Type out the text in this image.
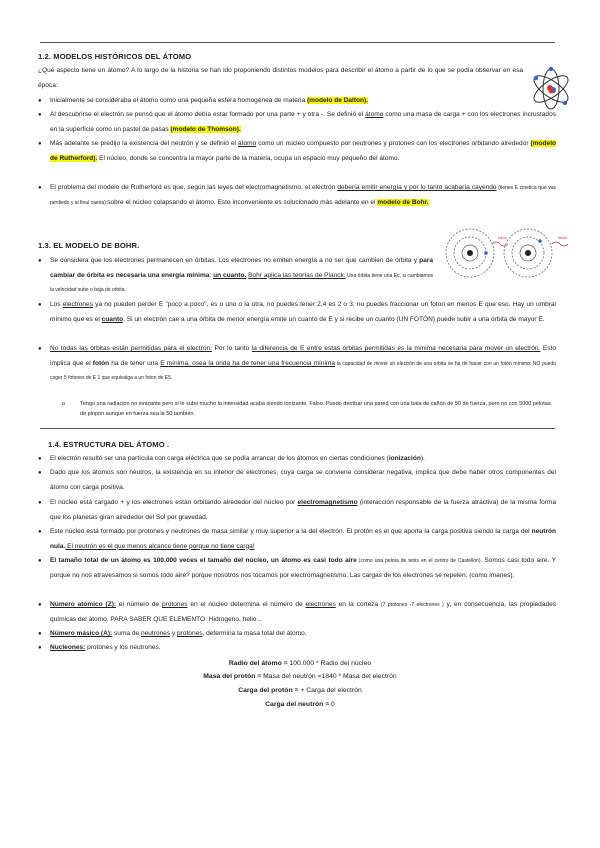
1.2. MODELOS HISTÓRICOS DEL ÁTOMO
¿Qué aspecto tiene un átomo? A lo largo de la historia se han ido proponiendo distintos modelos para describir el átomo a partir de lo que se podía observar en esa época:
● Inicialmente se consideraba el átomo como una pequeña esfera homogénea de materia (modelo de Dalton).
● Al descubrirse el electrón se pensó que el átomo debía estar formado por una parte + y otra -. Se definió el átomo como una masa de carga + con los electrones incrustados en la superficie como un pastel de pasas (modelo de Thomson).
● Más adelante se predijo la existencia del neutrón y se definió el átomo como un núcleo compuesto por neutrones y protones con los electrones orbitando alrededor (modelo de Rutherford). El núcleo, donde se concentra la mayor parte de la materia, ocupa un espacio muy pequeño del átomo.
● El problema del modelo de Rutherford es que, según las leyes del electromagnetismo, el electrón debería emitir energía y por lo tanto acabaría cayendo (tienes E cinetica que vas perdiedo y al final caeria) sobre el núcleo colapsando el átomo. Este inconveniente es solucionado más adelante en el modelo de Bohr.
1.3. EL MODELO DE BOHR.
● Se considera que los electrones permanecen en órbitas. Los electrones no emiten energía a no ser que cambien de órbita y para cambiar de órbita es necesaria una energía mínima: un cuanto. Bohr aplica las teorías de Planck. Una órbita tiene una Ec, si cambiamos la velocidad sube o baja de orbita.
● Los electrones ya no pueden perder E "poco a poco", es o uno o la otra, no puedes tener 2,4 es 2 o 3; no puedes fraccionar un foton en menos E que eso. Hay un umbral mínimo que es el cuanto. Si un electrón cae a una órbita de menor energía emite un cuanto de E y si recibe un cuanto (UN FOTÓN) puede subir a una órbita de mayor E.
● No todas las órbitas están permitidas para el electrón. Por lo tanto la diferencia de E entre estas órbitas permitidas es la mínima necesaria para mover un electrón. Esto implica que el fotón ha de tener una E mínima, osea la onda ha de tener una frecuencia mínima la capacidad de mover un electrón de una orbita se ha de hacer con un fotón mínimo: NO puedo coger 5 fotones de E 1 que equivalga a un foton de E5.
o Tengo una radiacion no ionizante pero si le subo mucho la intensidad acaba siendo ionizante. Falso. Puedo derribar una pared con una bala de cañón de 50 de fuerza, pero no con 5000 pelotas de pinpon aunque en fuerza sea la 50 también.
fotón	fotón
1.4. ESTRUCTURA DEL ÁTOMO .
● El electrón resultó ser una partícula con carga eléctrica que se podía arrancar de los átomos en ciertas condiciones (ionización).
● Dado que los átomos son neutros, la existencia en su interior de electrones, cuya carga se conviene considerar negativa, implica que debe haber otros componentes del átomo con carga positiva.
● El núcleo está cargado + y los electrones están orbitando alrededor del núcleo por electromagnetismo (interacción responsable de la fuerza atractiva) de la misma forma que los planetas giran alrededor del Sol por gravedad.
● Este núcleo está formado por protones y neutrones de masa similar y muy superior a la del electrón. El protón es el que aporta la carga positiva siendo la carga del neutrón nula. El neutrón es el que menos alcance tiene porque no tiene carga!
● El tamaño total de un átomo es 100.000 veces el tamaño del núcleo, un átomo es casi todo aire (como una pelota de tenis en el centro de Castellón). Somos casi todo aire. Y porque no nos atravesamos si somos todo aire? porque nosotros nos tocamos por electromagnetismo. Las cargas de los electrones se repelen. (como imanes).
● Número atómico (Z): el número de protones en el núcleo determina el número de electrones en la corteza (7 protones -7 electrones ) y, en consecuencia, las propiedades químicas del átomo. PARA SABER QUE ELEMENTO: Hidrogeno, helio...
● Número másico (A): suma de neutrones y protones, determina la masa total del átomo.
● Nucleones: protones y los neutrones.
Radio del átomo = 100.000 * Radio del núcleo
Masa del protón = Masa del neutrón =1840 * Masa del electrón
Carga del protón = + Carga del electrón
Carga del neutrón = 0
